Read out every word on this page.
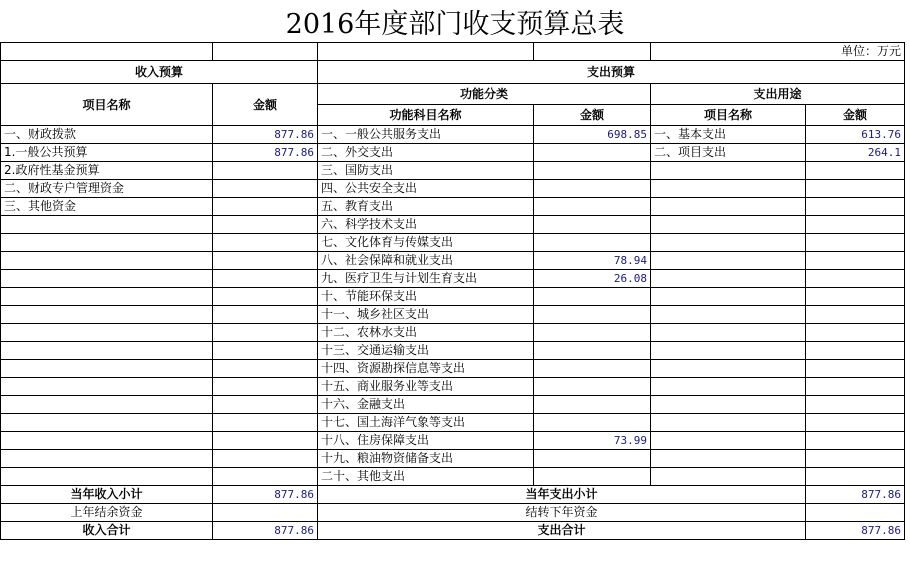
2016年度部门收支预算总表
				单位：万元	
收入预算		支出预算			
项目名称	金额	功能分类		支出用途	
		功能科目名称	金额	项目名称	金额
一、财政拨款	877.86	一、一般公共服务支出	698.85	一、基本支出	613.76
1.一般公共预算	877.86	二、外交支出		二、项目支出	264.1
2.政府性基金预算		三、国防支出			
二、财政专户管理资金		四、公共安全支出			
三、其他资金		五、教育支出			
		六、科学技术支出			
		七、文化体育与传媒支出			
		八、社会保障和就业支出	78.94		
		九、医疗卫生与计划生育支出	26.08		
		十、节能环保支出			
		十一、城乡社区支出			
		十二、农林水支出			
		十三、交通运输支出			
		十四、资源勘探信息等支出			
		十五、商业服务业等支出			
		十六、金融支出			
		十七、国土海洋气象等支出			
		十八、住房保障支出	73.99		
		十九、粮油物资储备支出			
		二十、其他支出			
当年收入小计	877.86	当年支出小计			877.86
上年结余资金		结转下年资金			
收入合计	877.86	支出合计			877.86
